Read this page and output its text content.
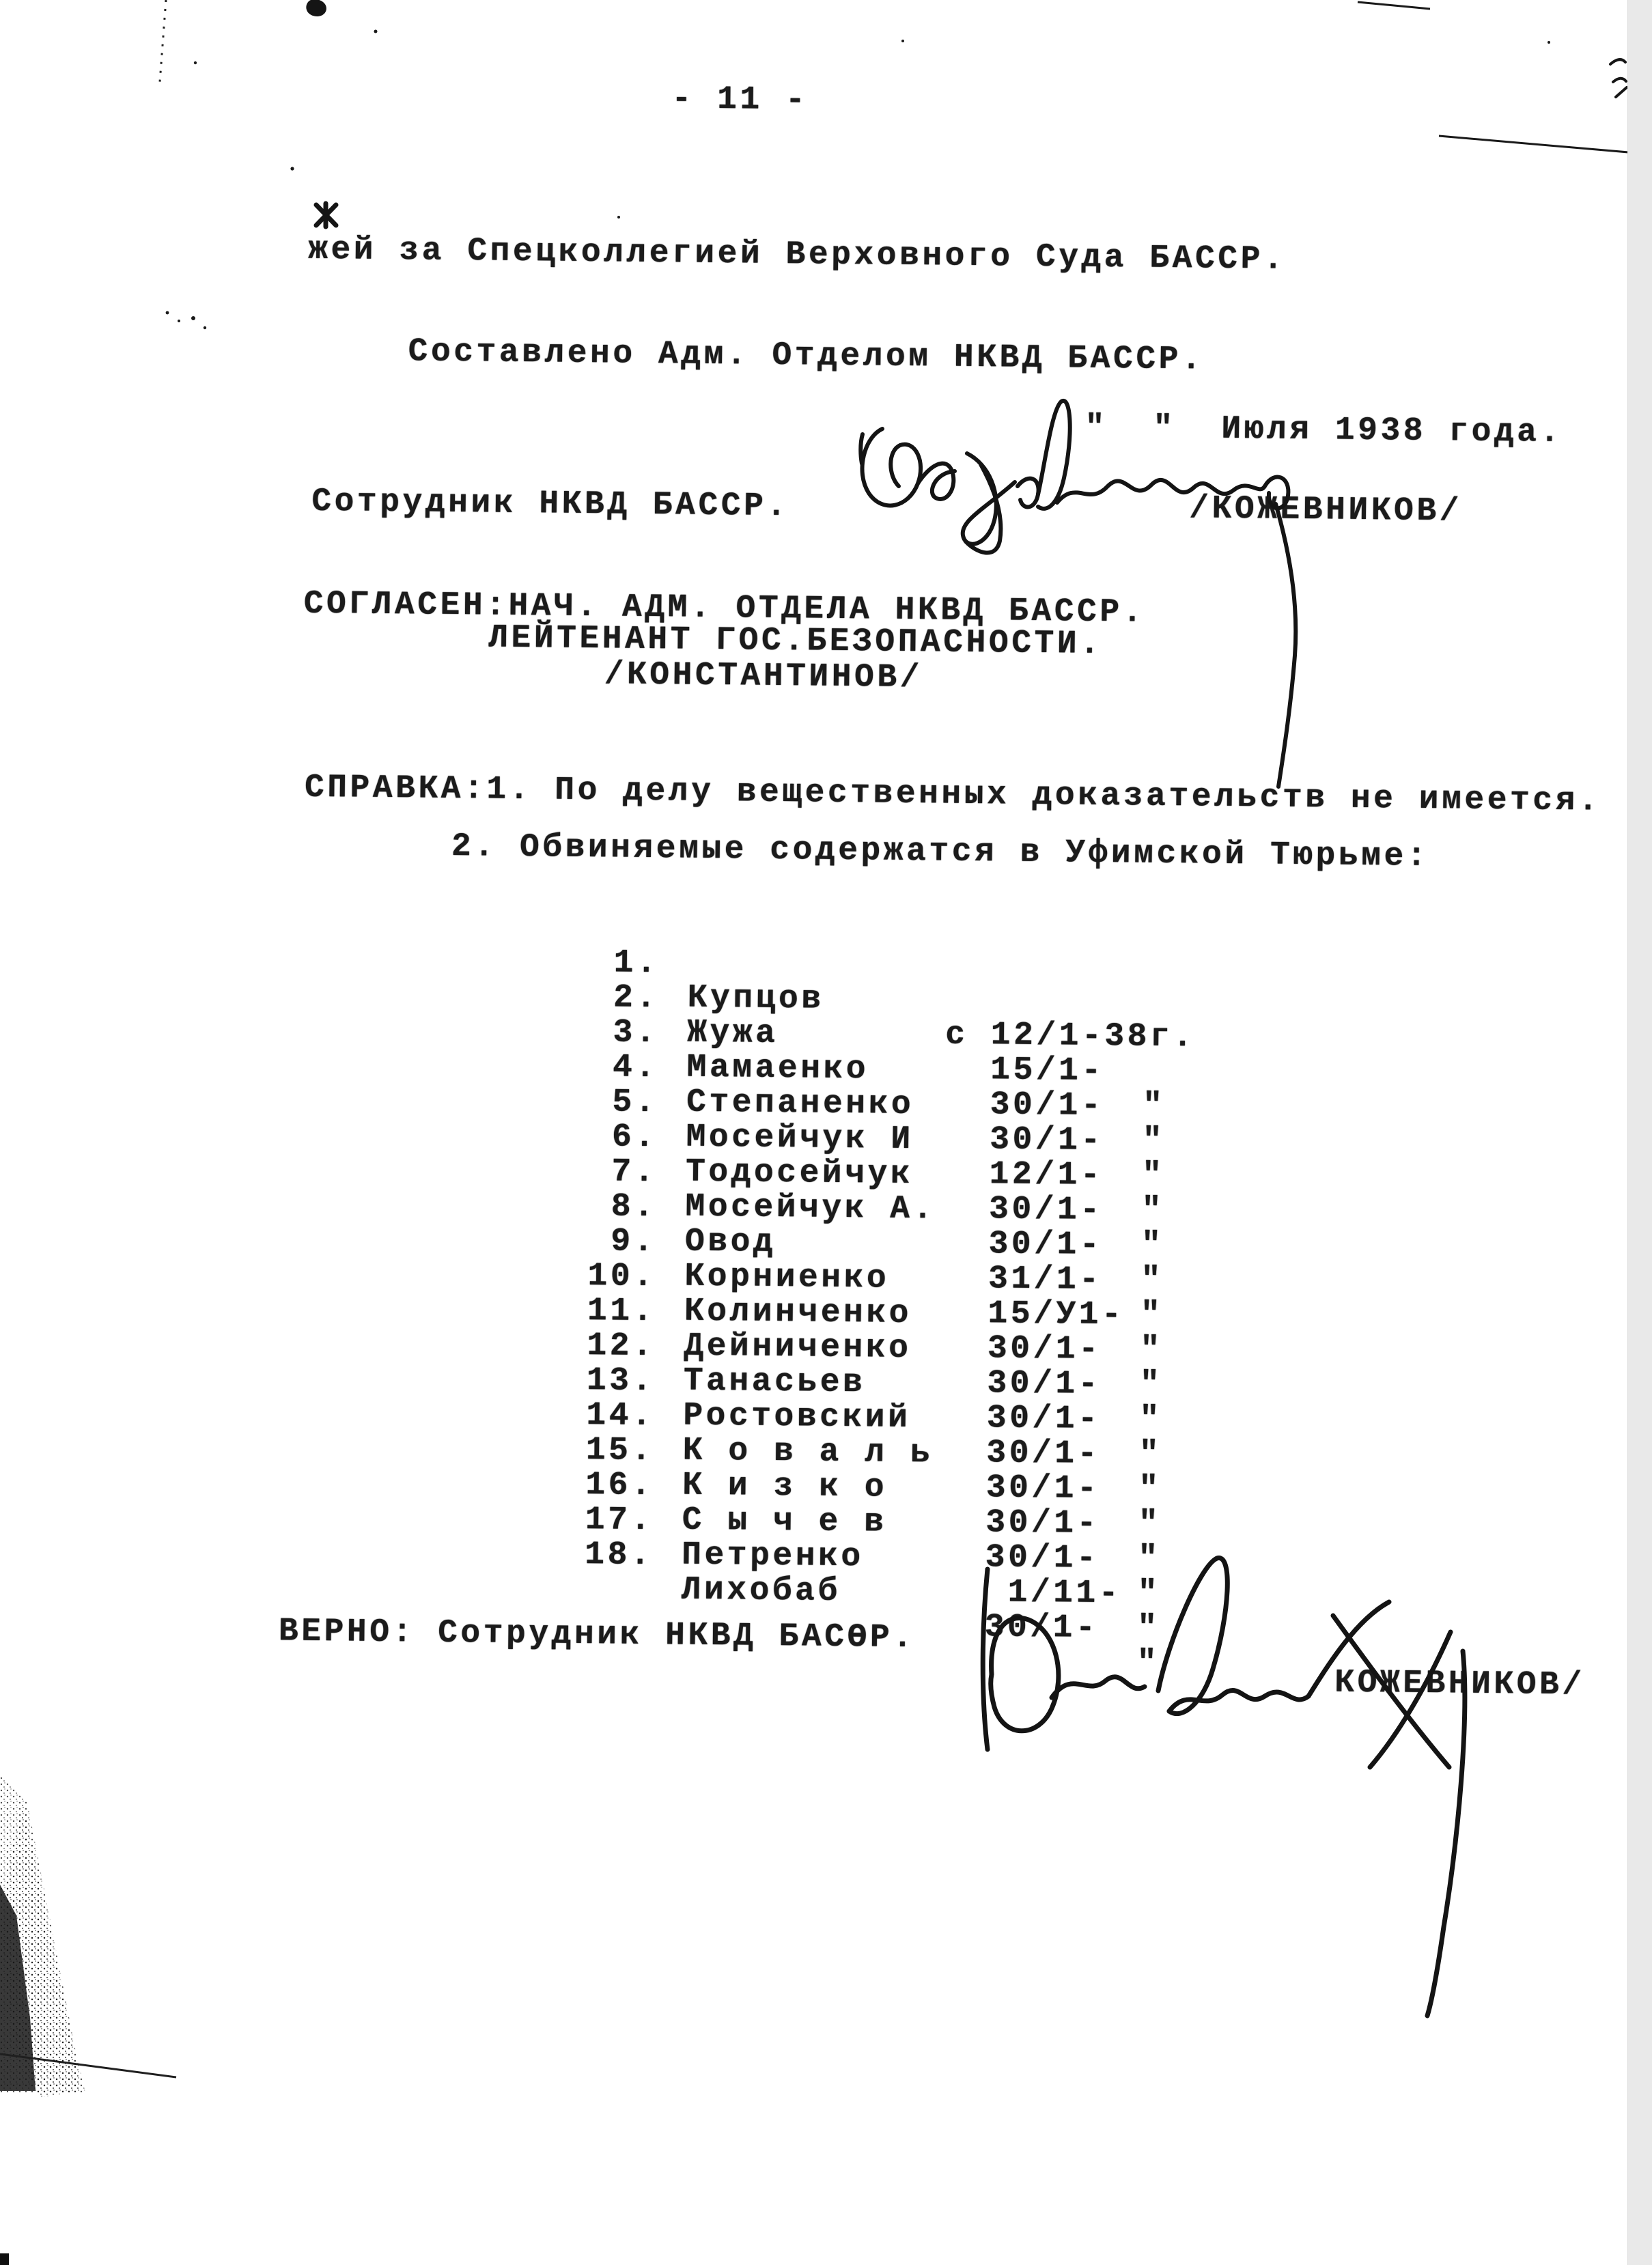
- 11 -
жей за Спецколлегией Верховного Суда БАССР.
Составлено Адм. Отделом НКВД БАССР.
"  "  Июля 1938 года.
Сотрудник НКВД БАССР.	/КОЖЕВНИКОВ/
СОГЛАСЕН:НАЧ. АДМ. ОТДЕЛА НКВД БАССР.
ЛЕЙТЕНАНТ ГОС.БЕЗОПАСНОСТИ.
/КОНСТАНТИНОВ/
СПРАВКА:1. По делу вещественных доказательств не имеется.
2. Обвиняемые содержатся в Уфимской Тюрьме:

1.

Купцов

с 12/1-38г.

2.

Жужа

15/1-

"

3.

Мамаенко

30/1-

"

4.

Степаненко

30/1-

"

5.

Мосейчук И

12/1-

"

6.

Тодосейчук

30/1-

"

7.

Мосейчук А.

30/1-

"

8.

Овод

31/1-

"

9.

Корниенко

15/У1-

"

10.

Колинченко

30/1-

"

11.

Дейниченко

30/1-

"

12.

Танасьев

30/1-

"

13.

Ростовский

30/1-

"

14.

К о в а л ь

30/1-

"

15.

К и з к о

30/1-

"

16.

С ы ч е в

30/1-

"

17.

Петренко

1/11-

"

18.

Лихобаб

30/1-

"

ВЕРНО: Сотрудник НКВД БАСӨР.
КОЖЕВНИКОВ/
